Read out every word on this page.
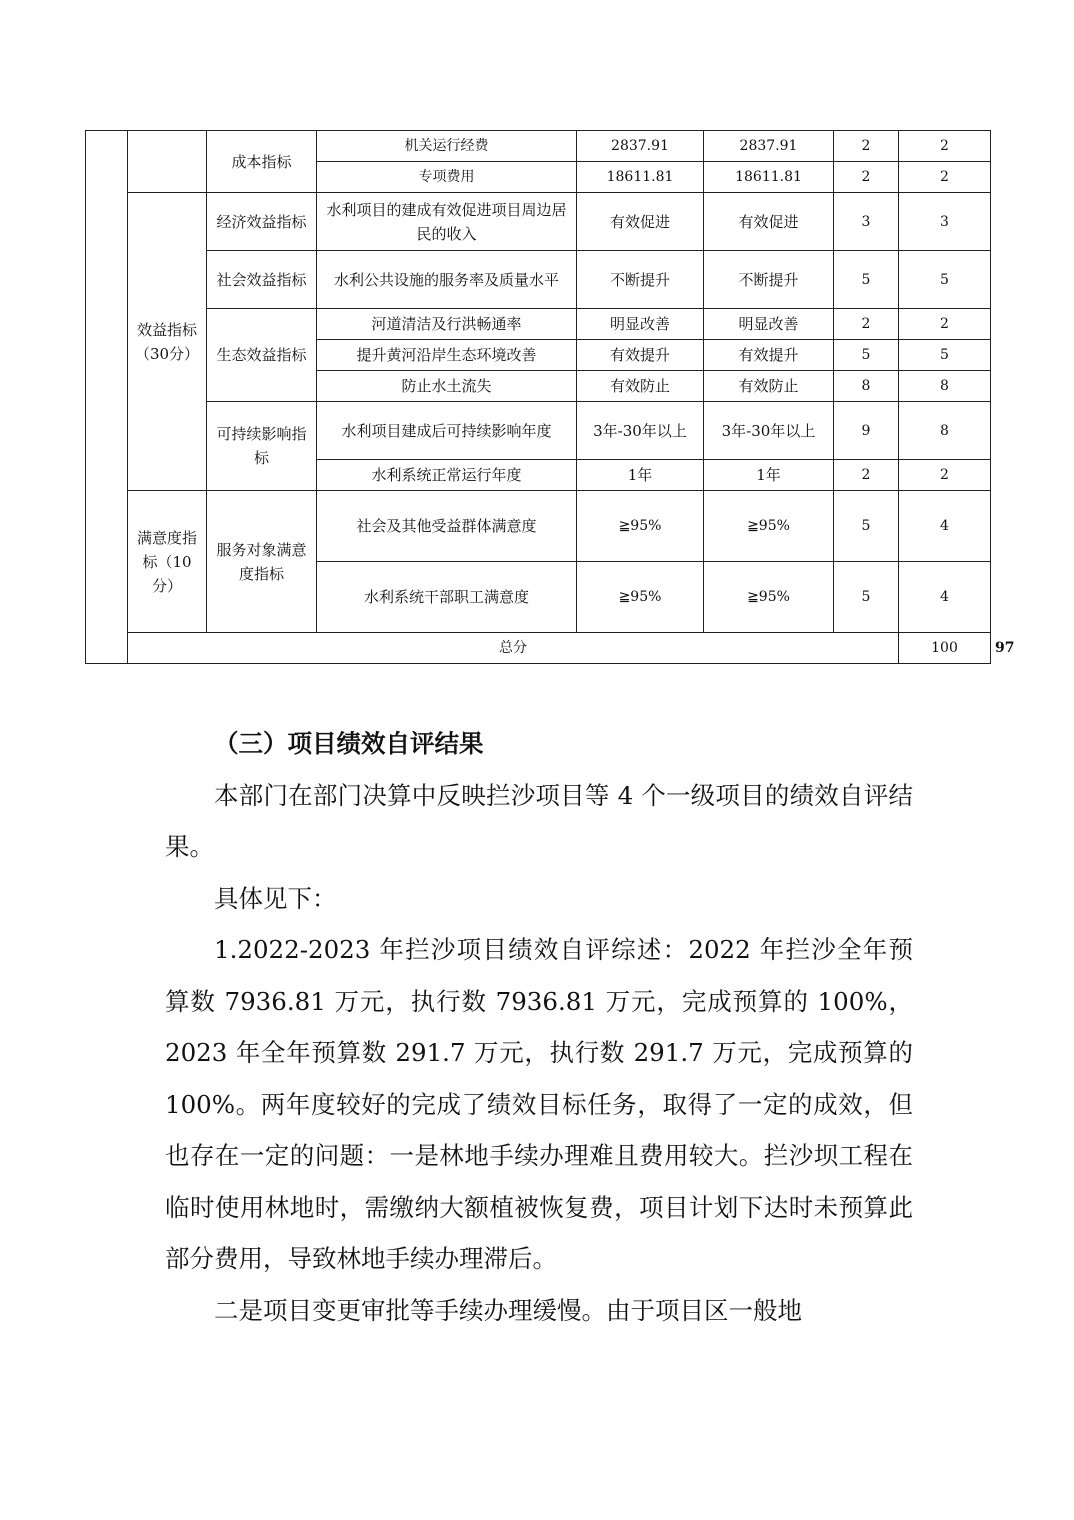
		成本指标	机关运行经费	2837.91	2837.91	2	2	
			专项费用	18611.81	18611.81	2	2	
	效益指标（30分）	经济效益指标	水利项目的建成有效促进项目周边居民的收入	有效促进	有效促进	3	3	
		社会效益指标	水利公共设施的服务率及质量水平	不断提升	不断提升	5	5	
		生态效益指标	河道清洁及行洪畅通率	明显改善	明显改善	2	2	
			提升黄河沿岸生态环境改善	有效提升	有效提升	5	5	
			防止水土流失	有效防止	有效防止	8	8	
		可持续影响指标	水利项目建成后可持续影响年度	3年-30年以上	3年-30年以上	9	8	
			水利系统正常运行年度	1年	1年	2	2	
	满意度指标（10分）	服务对象满意度指标	社会及其他受益群体满意度	≧95%	≧95%	5	4	
			水利系统干部职工满意度	≧95%	≧95%	5	4	
	总分						100	97
（三）项目绩效自评结果

本部门在部门决算中反映拦沙项目等 4 个一级项目的绩效自评结果。

具体见下：

1.2022-2023 年拦沙项目绩效自评综述：2022 年拦沙全年预算数 7936.81 万元，执行数 7936.81 万元，完成预算的 100%，2023 年全年预算数 291.7 万元，执行数 291.7 万元，完成预算的 100%。两年度较好的完成了绩效目标任务，取得了一定的成效，但也存在一定的问题：一是林地手续办理难且费用较大。拦沙坝工程在临时使用林地时，需缴纳大额植被恢复费，项目计划下达时未预算此部分费用，导致林地手续办理滞后。

二是项目变更审批等手续办理缓慢。由于项目区一般地
